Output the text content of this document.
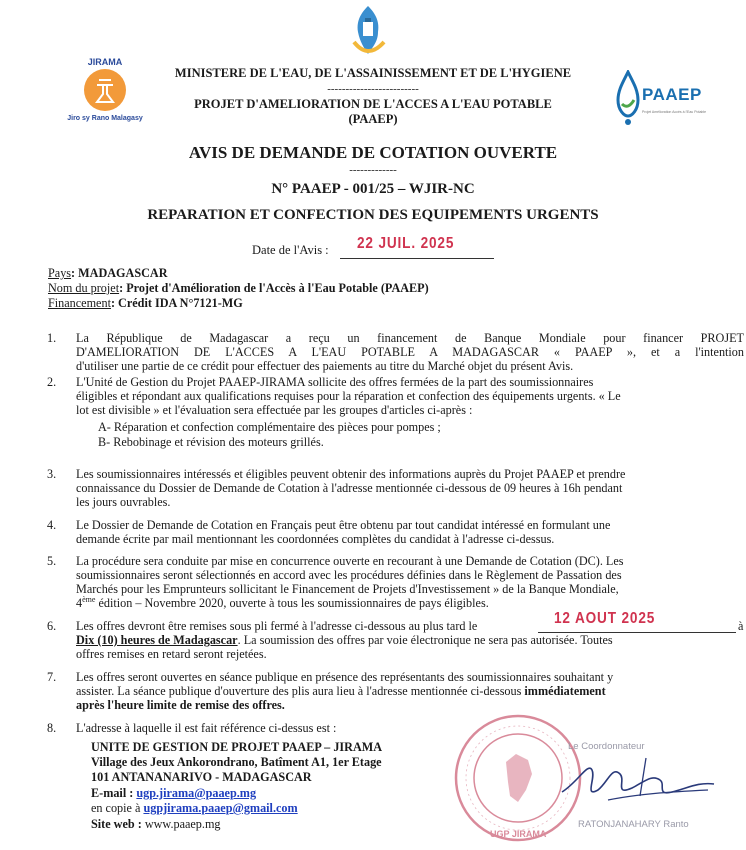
JIRAMA
Jiro sy Rano Malagasy
MINISTERE DE L'EAU, DE L'ASSAINISSEMENT ET DE L'HYGIENE
-------------------------
PROJET D'AMELIORATION DE L'ACCES A L'EAU POTABLE
(PAAEP)
PAAEP
Projet Amélioration Accès à l'Eau Potable
AVIS DE DEMANDE DE COTATION OUVERTE
-------------
N° PAAEP - 001/25 – WJIR-NC
REPARATION ET CONFECTION DES EQUIPEMENTS URGENTS
Date de l'Avis : 22 JUIL. 2025
Pays: MADAGASCAR
Nom du projet: Projet d'Amélioration de l'Accès à l'Eau Potable (PAAEP)
Financement: Crédit IDA N°7121-MG
1.	La République de Madagascar a reçu un financement de Banque Mondiale pour financer PROJET
D'AMELIORATION DE L'ACCES A L'EAU POTABLE A MADAGASCAR « PAAEP », et a l'intention
d'utiliser une partie de ce crédit pour effectuer des paiements au titre du Marché objet du présent Avis.
2.	L'Unité de Gestion du Projet PAAEP-JIRAMA sollicite des offres fermées de la part des soumissionnaires
éligibles et répondant aux qualifications requises pour la réparation et confection des équipements urgents. « Le
lot est divisible » et l'évaluation sera effectuée par les groupes d'articles ci-après :
A- Réparation et confection complémentaire des pièces pour pompes ;
B- Rebobinage et révision des moteurs grillés.
3.	Les soumissionnaires intéressés et éligibles peuvent obtenir des informations auprès du Projet PAAEP et prendre
connaissance du Dossier de Demande de Cotation à l'adresse mentionnée ci-dessous de 09 heures à 16h pendant
les jours ouvrables.
4.	Le Dossier de Demande de Cotation en Français peut être obtenu par tout candidat intéressé en formulant une
demande écrite par mail mentionnant les coordonnées complètes du candidat à l'adresse ci-dessus.
5.	La procédure sera conduite par mise en concurrence ouverte en recourant à une Demande de Cotation (DC). Les
soumissionnaires seront sélectionnés en accord avec les procédures définies dans le Règlement de Passation des
Marchés pour les Emprunteurs sollicitant le Financement de Projets d'Investissement » de la Banque Mondiale,
4ème édition – Novembre 2020, ouverte à tous les soumissionnaires de pays éligibles.
6.	Les offres devront être remises sous pli fermé à l'adresse ci-dessous au plus tard le	12 AOUT 2025	à
Dix (10) heures de Madagascar. La soumission des offres par voie électronique ne sera pas autorisée. Toutes
offres remises en retard seront rejetées.
7.	Les offres seront ouvertes en séance publique en présence des représentants des soumissionnaires souhaitant y
assister. La séance publique d'ouverture des plis aura lieu à l'adresse mentionnée ci-dessous immédiatement
après l'heure limite de remise des offres.
8.	L'adresse à laquelle il est fait référence ci-dessus est :
UNITE DE GESTION DE PROJET PAAEP – JIRAMA
Village des Jeux Ankorondrano, Batîment A1, 1er Etage
101 ANTANANARIVO - MADAGASCAR
E-mail : ugp.jirama@paaep.mg
en copie à ugpjirama.paaep@gmail.com
Site web : www.paaep.mg
UGP JIRAMA
Le Coordonnateur
RATONJANAHARY Ranto
